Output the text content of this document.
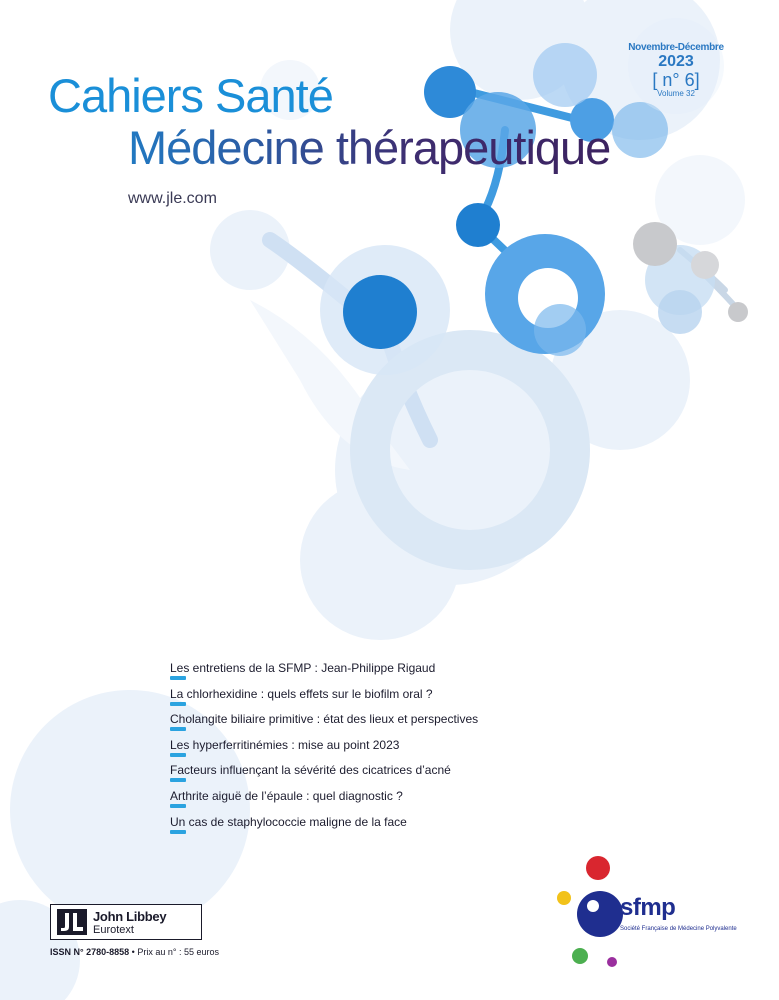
Cahiers Santé
Médecine thérapeutique
www.jle.com
Novembre-Décembre
2023
[ n° 6]
Volume 32
Les entretiens de la SFMP : Jean-Philippe Rigaud
La chlorhexidine : quels effets sur le biofilm oral ?
Cholangite biliaire primitive : état des lieux et perspectives
Les hyperferritinémies : mise au point 2023
Facteurs influençant la sévérité des cicatrices d’acné
Arthrite aiguë de l’épaule : quel diagnostic ?
Un cas de staphylococcie maligne de la face
John Libbey
Eurotext
ISSN N° 2780-8858 • Prix au n° : 55 euros
sfmp
Société Française de Médecine Polyvalente
